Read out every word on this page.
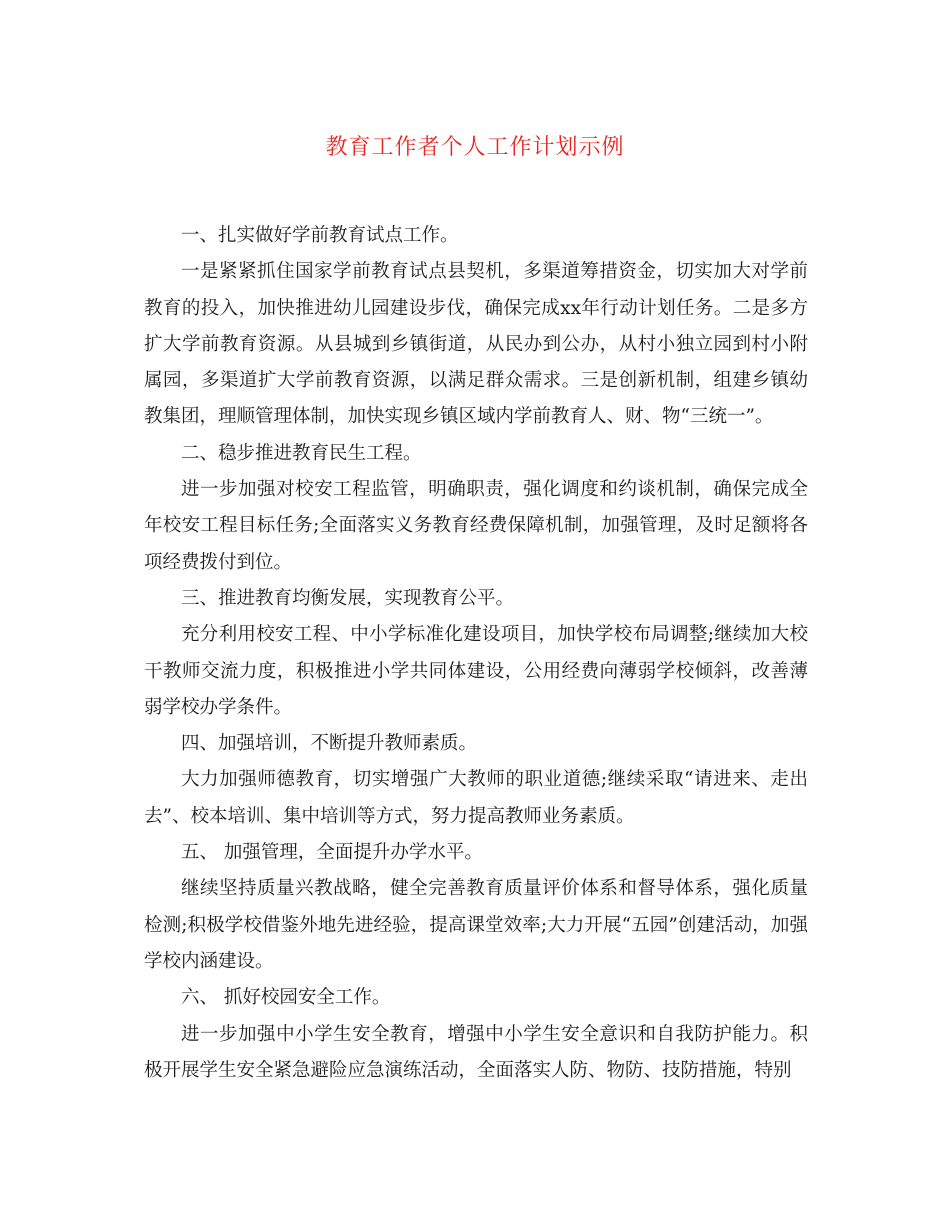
教育工作者个人工作计划示例

一、扎实做好学前教育试点工作。

一是紧紧抓住国家学前教育试点县契机，多渠道筹措资金，切实加大对学前教育的投入，加快推进幼儿园建设步伐，确保完成xx年行动计划任务。二是多方扩大学前教育资源。从县城到乡镇街道，从民办到公办，从村小独立园到村小附属园，多渠道扩大学前教育资源，以满足群众需求。三是创新机制，组建乡镇幼教集团，理顺管理体制，加快实现乡镇区域内学前教育人、财、物“三统一”。

二、稳步推进教育民生工程。

进一步加强对校安工程监管，明确职责，强化调度和约谈机制，确保完成全年校安工程目标任务;全面落实义务教育经费保障机制，加强管理，及时足额将各项经费拨付到位。

三、推进教育均衡发展，实现教育公平。

充分利用校安工程、中小学标准化建设项目，加快学校布局调整;继续加大校干教师交流力度，积极推进小学共同体建设，公用经费向薄弱学校倾斜，改善薄弱学校办学条件。

四、加强培训，不断提升教师素质。

大力加强师德教育，切实增强广大教师的职业道德;继续采取“请进来、走出去”、校本培训、集中培训等方式，努力提高教师业务素质。

五、 加强管理，全面提升办学水平。

继续坚持质量兴教战略，健全完善教育质量评价体系和督导体系，强化质量检测;积极学校借鉴外地先进经验，提高课堂效率;大力开展“五园”创建活动，加强学校内涵建设。

六、 抓好校园安全工作。

进一步加强中小学生安全教育，增强中小学生安全意识和自我防护能力。积极开展学生安全紧急避险应急演练活动，全面落实人防、物防、技防措施，特别
